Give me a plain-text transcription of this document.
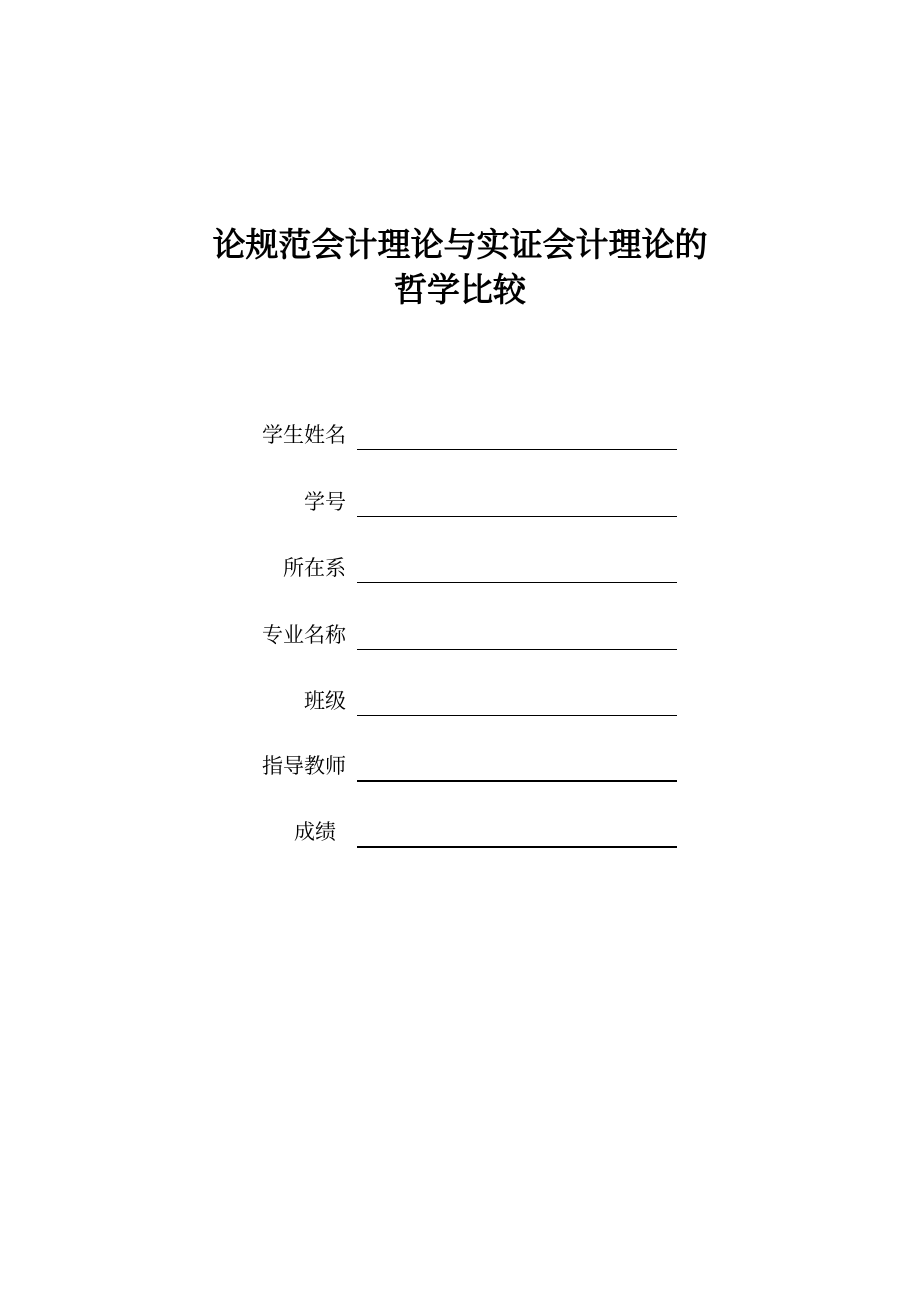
论规范会计理论与实证会计理论的
哲学比较
学生姓名
学号
所在系
专业名称
班级
指导教师
成绩
